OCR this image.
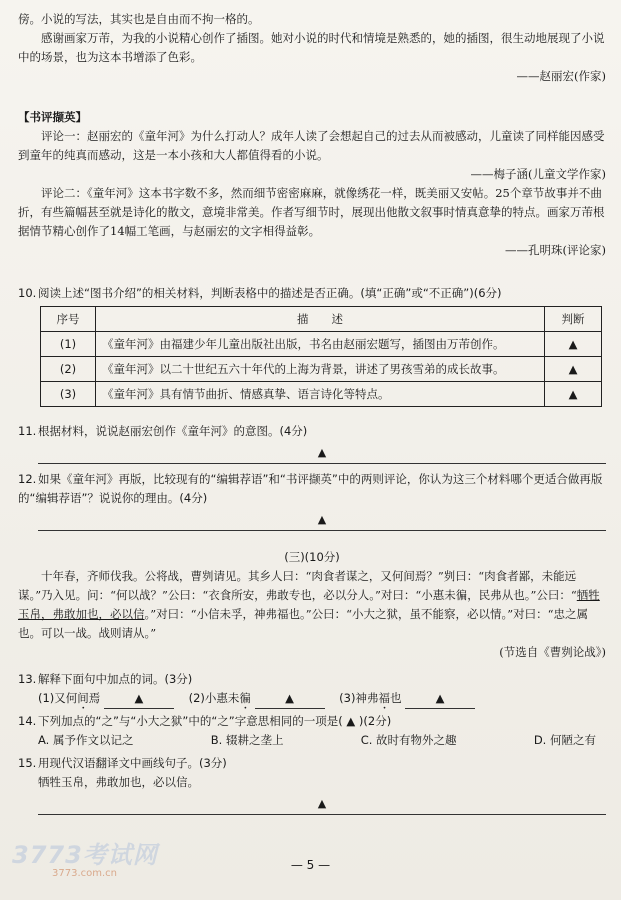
傍。小说的写法，其实也是自由而不拘一格的。

感谢画家万芾，为我的小说精心创作了插图。她对小说的时代和情境是熟悉的，她的插图，很生动地展现了小说中的场景，也为这本书增添了色彩。

——赵丽宏(作家)

【书评撷英】

评论一：赵丽宏的《童年河》为什么打动人？成年人读了会想起自己的过去从而被感动，儿童读了同样能因感受到童年的纯真而感动，这是一本小孩和大人都值得看的小说。

——梅子涵(儿童文学作家)

评论二：《童年河》这本书字数不多，然而细节密密麻麻，就像绣花一样，既美丽又安帖。25个章节故事并不曲折，有些篇幅甚至就是诗化的散文，意境非常美。作者写细节时，展现出他散文叙事时情真意挚的特点。画家万芾根据情节精心创作了14幅工笔画，与赵丽宏的文字相得益彰。

——孔明珠(评论家)

10. 阅读上述“图书介绍”的相关材料，判断表格中的描述是否正确。(填“正确”或“不正确”)(6分)

序号	描　　述	判断
(1)	《童年河》由福建少年儿童出版社出版，书名由赵丽宏题写，插图由万芾创作。	▲
(2)	《童年河》以二十世纪五六十年代的上海为背景，讲述了男孩雪弟的成长故事。	▲
(3)	《童年河》具有情节曲折、情感真挚、语言诗化等特点。	▲

11. 根据材料，说说赵丽宏创作《童年河》的意图。(4分)

▲

12. 如果《童年河》再版，比较现有的“编辑荐语”和“书评撷英”中的两则评论，你认为这三个材料哪个更适合做再版的“编辑荐语”？说说你的理由。(4分)

▲

(三)(10分)

十年春，齐师伐我。公将战，曹刿请见。其乡人曰：“肉食者谋之，又何间焉？”刿曰：“肉食者鄙，未能远谋。”乃入见。问：“何以战？”公曰：“衣食所安，弗敢专也，必以分人。”对曰：“小惠未徧，民弗从也。”公曰：“牺牲玉帛，弗敢加也，必以信。”对曰：“小信未孚，神弗福也。”公曰：“小大之狱，虽不能察，必以情。”对曰：“忠之属也。可以一战。战则请从。”

(节选自《曹刿论战》)

13. 解释下面句中加点的词。(3分)

(1)又何间焉	▲	(2)小惠未徧	▲	(3)神弗福也	▲

14. 下列加点的“之”与“小大之狱”中的“之”字意思相同的一项是( ▲ )(2分)

A. 属予作文以记之	B. 辍耕之垄上	C. 故时有物外之趣	D. 何陋之有

15. 用现代汉语翻译文中画线句子。(3分)

牺牲玉帛，弗敢加也，必以信。

▲
3773考试网
3773.com.cn
— 5 —
